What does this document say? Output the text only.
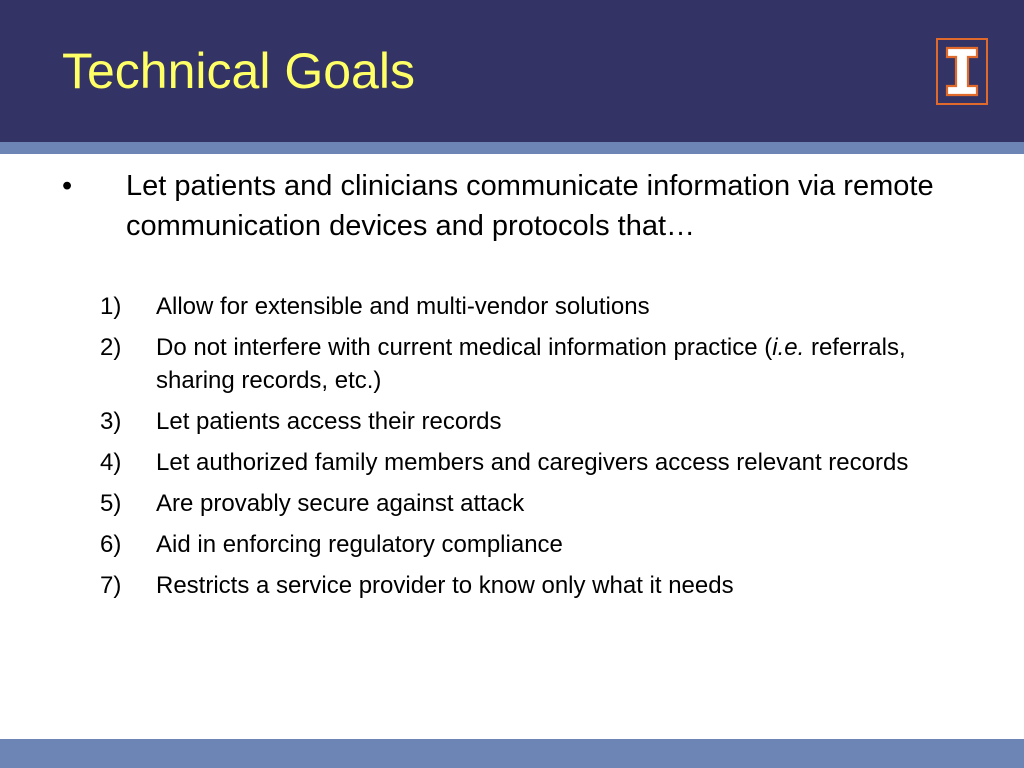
Technical Goals
• Let patients and clinicians communicate information via remote communication devices and protocols that…
1) Allow for extensible and multi-vendor solutions
2) Do not interfere with current medical information practice (i.e. referrals, sharing records, etc.)
3) Let patients access their records
4) Let authorized family members and caregivers access relevant records
5) Are provably secure against attack
6) Aid in enforcing regulatory compliance
7) Restricts a service provider to know only what it needs
